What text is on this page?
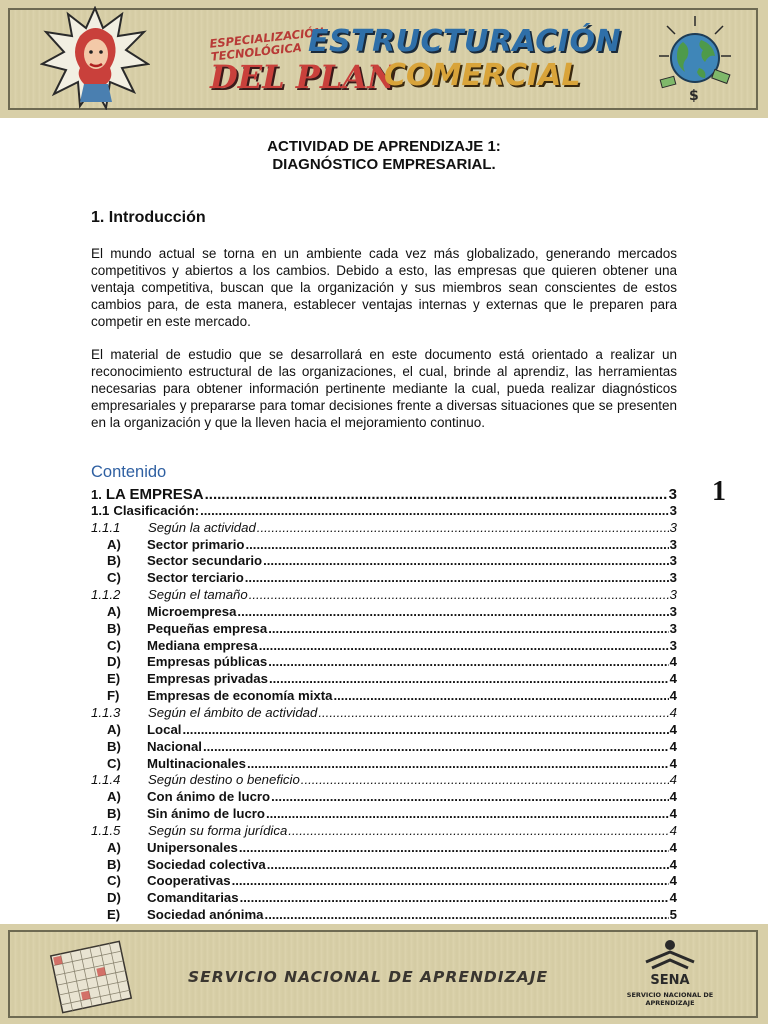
ESPECIALIZACIÓN TECNOLÓGICA ESTRUCTURACIÓN
DEL PLAN
COMERCIAL
$
ACTIVIDAD DE APRENDIZAJE 1:
DIAGNÓSTICO EMPRESARIAL.
1. Introducción

El mundo actual se torna en un ambiente cada vez más globalizado, generando mercados competitivos y abiertos a los cambios. Debido a esto, las empresas que quieren obtener una ventaja competitiva, buscan que la organización y sus miembros sean conscientes de estos cambios para, de esta manera, establecer ventajas internas y externas que le preparen para competir en este mercado.

El material de estudio que se desarrollará en este documento está orientado a realizar un reconocimiento estructural de las organizaciones, el cual, brinde al aprendiz, las herramientas necesarias para obtener información pertinente mediante la cual, pueda realizar diagnósticos empresariales y prepararse para tomar decisiones frente a diversas situaciones que se presenten en la organización y que la lleven hacia el mejoramiento continuo.

Contenido
1
1. LA EMPRESA .....	3
1.1 Clasificación: .....	3
1.1.1 Según la actividad .....	3
A) Sector primario .....	3
B) Sector secundario .....	3
C) Sector terciario .....	3
1.1.2 Según el tamaño .....	3
A) Microempresa .....	3
B) Pequeñas empresa .....	3
C) Mediana empresa .....	3
D) Empresas públicas .....	4
E) Empresas privadas .....	4
F) Empresas de economía mixta .....	4
1.1.3 Según el ámbito de actividad .....	4
A) Local .....	4
B) Nacional .....	4
C) Multinacionales .....	4
1.1.4 Según destino o beneficio .....	4
A) Con ánimo de lucro .....	4
B) Sin ánimo de lucro .....	4
1.1.5 Según su forma jurídica .....	4
A) Unipersonales .....	4
B) Sociedad colectiva .....	4
C) Cooperativas .....	4
D) Comanditarias .....	4
E) Sociedad anónima .....	5
SERVICIO NACIONAL DE APRENDIZAJE	SENA
SERVICIO NACIONAL DE APRENDIZAJE
